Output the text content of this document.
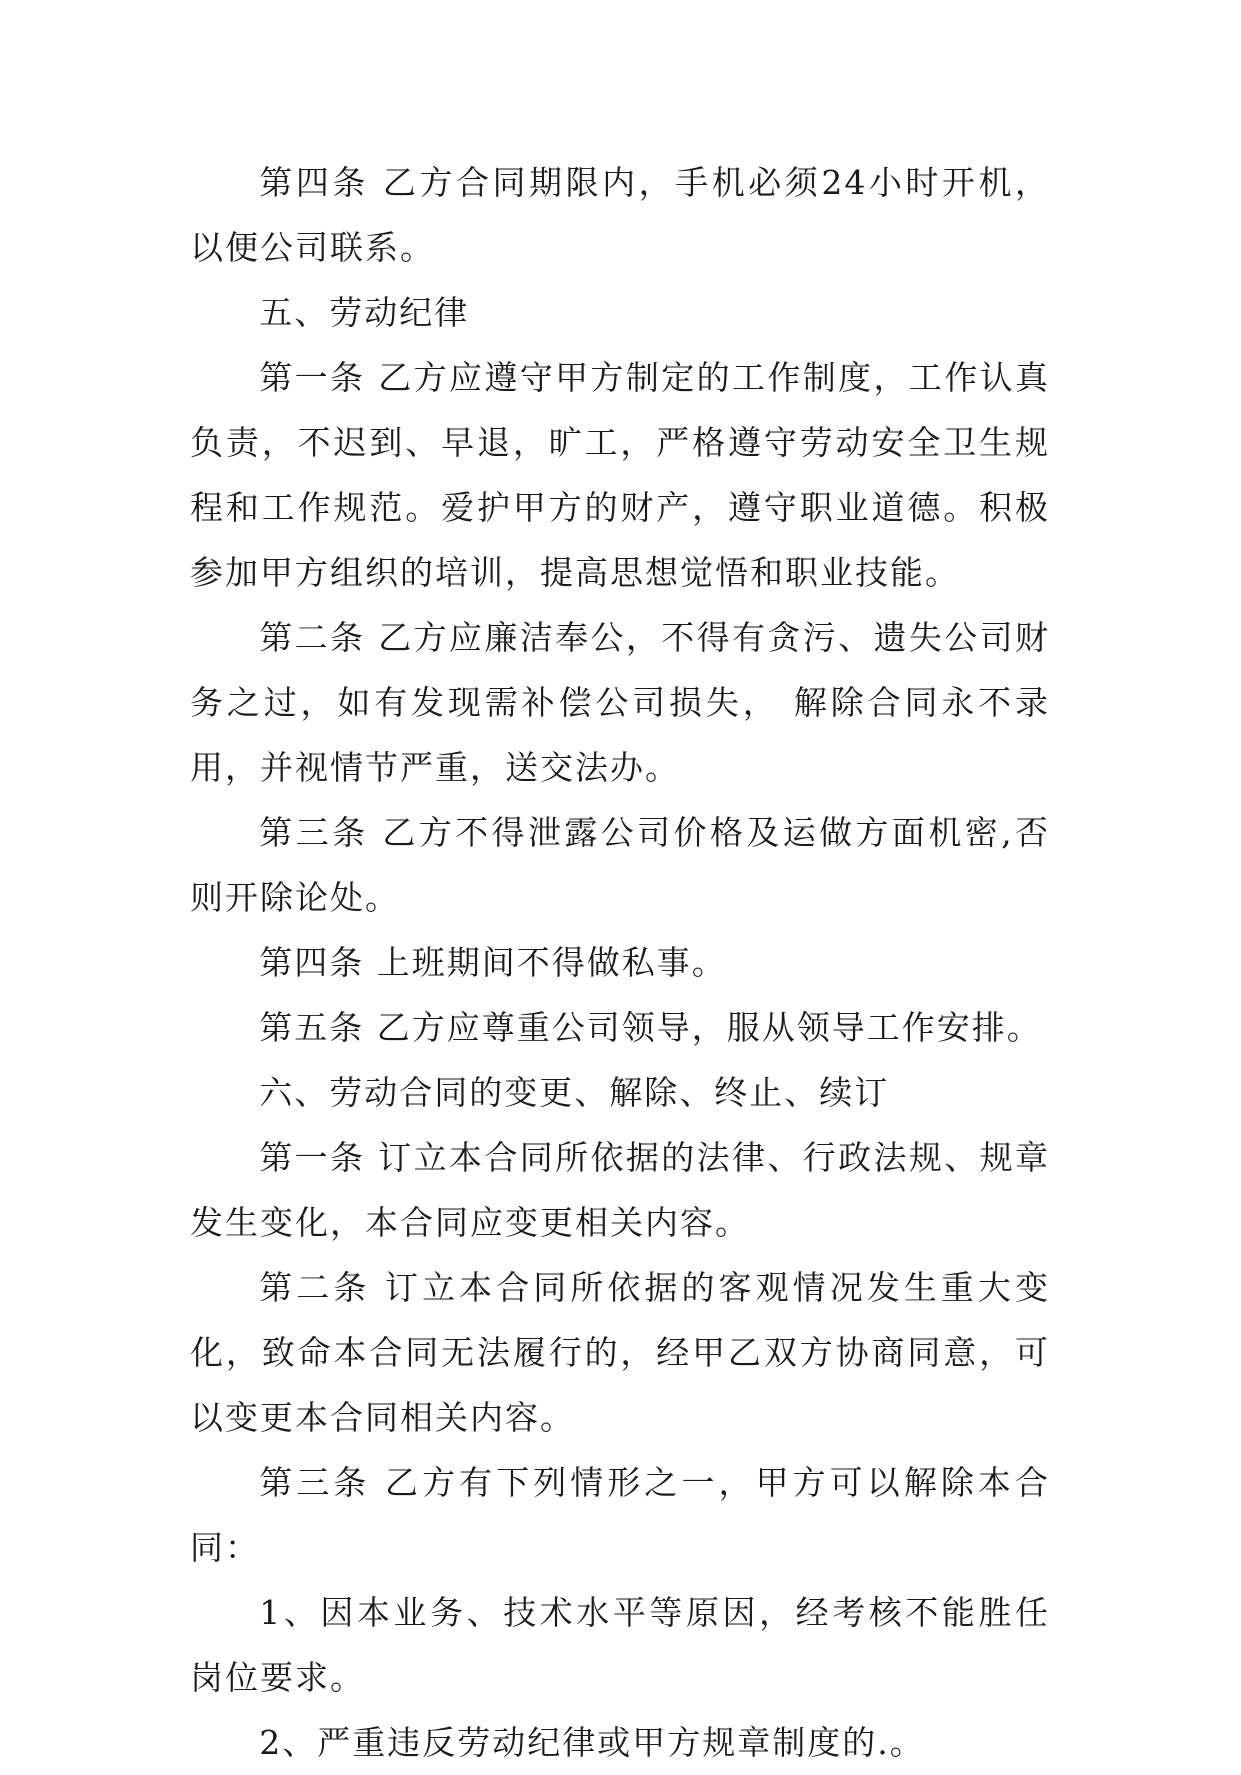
第四条 乙方合同期限内，手机必须24小时开机，以便公司联系。

五、劳动纪律

第一条 乙方应遵守甲方制定的工作制度，工作认真负责，不迟到、早退，旷工，严格遵守劳动安全卫生规程和工作规范。爱护甲方的财产，遵守职业道德。积极参加甲方组织的培训，提高思想觉悟和职业技能。

第二条 乙方应廉洁奉公，不得有贪污、遗失公司财务之过，如有发现需补偿公司损失， 解除合同永不录用，并视情节严重，送交法办。

第三条 乙方不得泄露公司价格及运做方面机密,否则开除论处。

第四条 上班期间不得做私事。

第五条 乙方应尊重公司领导，服从领导工作安排。

六、劳动合同的变更、解除、终止、续订

第一条 订立本合同所依据的法律、行政法规、规章发生变化，本合同应变更相关内容。

第二条 订立本合同所依据的客观情况发生重大变化，致命本合同无法履行的，经甲乙双方协商同意，可以变更本合同相关内容。

第三条 乙方有下列情形之一，甲方可以解除本合同：

1、因本业务、技术水平等原因，经考核不能胜任岗位要求。

2、严重违反劳动纪律或甲方规章制度的.。
